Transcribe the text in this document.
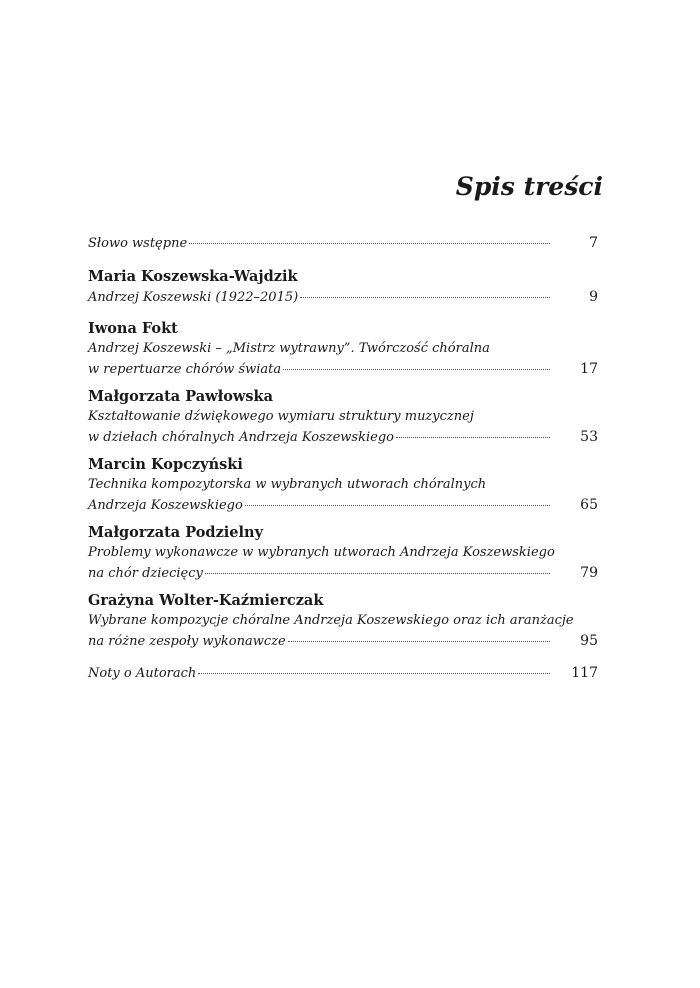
Spis treści
Słowo wstępne	7
Maria Koszewska-Wajdzik
Andrzej Koszewski (1922–2015)	9
Iwona Fokt
Andrzej Koszewski – „Mistrz wytrawny”. Twórczość chóralna
w repertuarze chórów świata	17
Małgorzata Pawłowska
Kształtowanie dźwiękowego wymiaru struktury muzycznej
w dziełach chóralnych Andrzeja Koszewskiego	53
Marcin Kopczyński
Technika kompozytorska w wybranych utworach chóralnych
Andrzeja Koszewskiego	65
Małgorzata Podzielny
Problemy wykonawcze w wybranych utworach Andrzeja Koszewskiego
na chór dziecięcy	79
Grażyna Wolter-Kaźmierczak
Wybrane kompozycje chóralne Andrzeja Koszewskiego oraz ich aranżacje
na różne zespoły wykonawcze	95
Noty o Autorach	117
